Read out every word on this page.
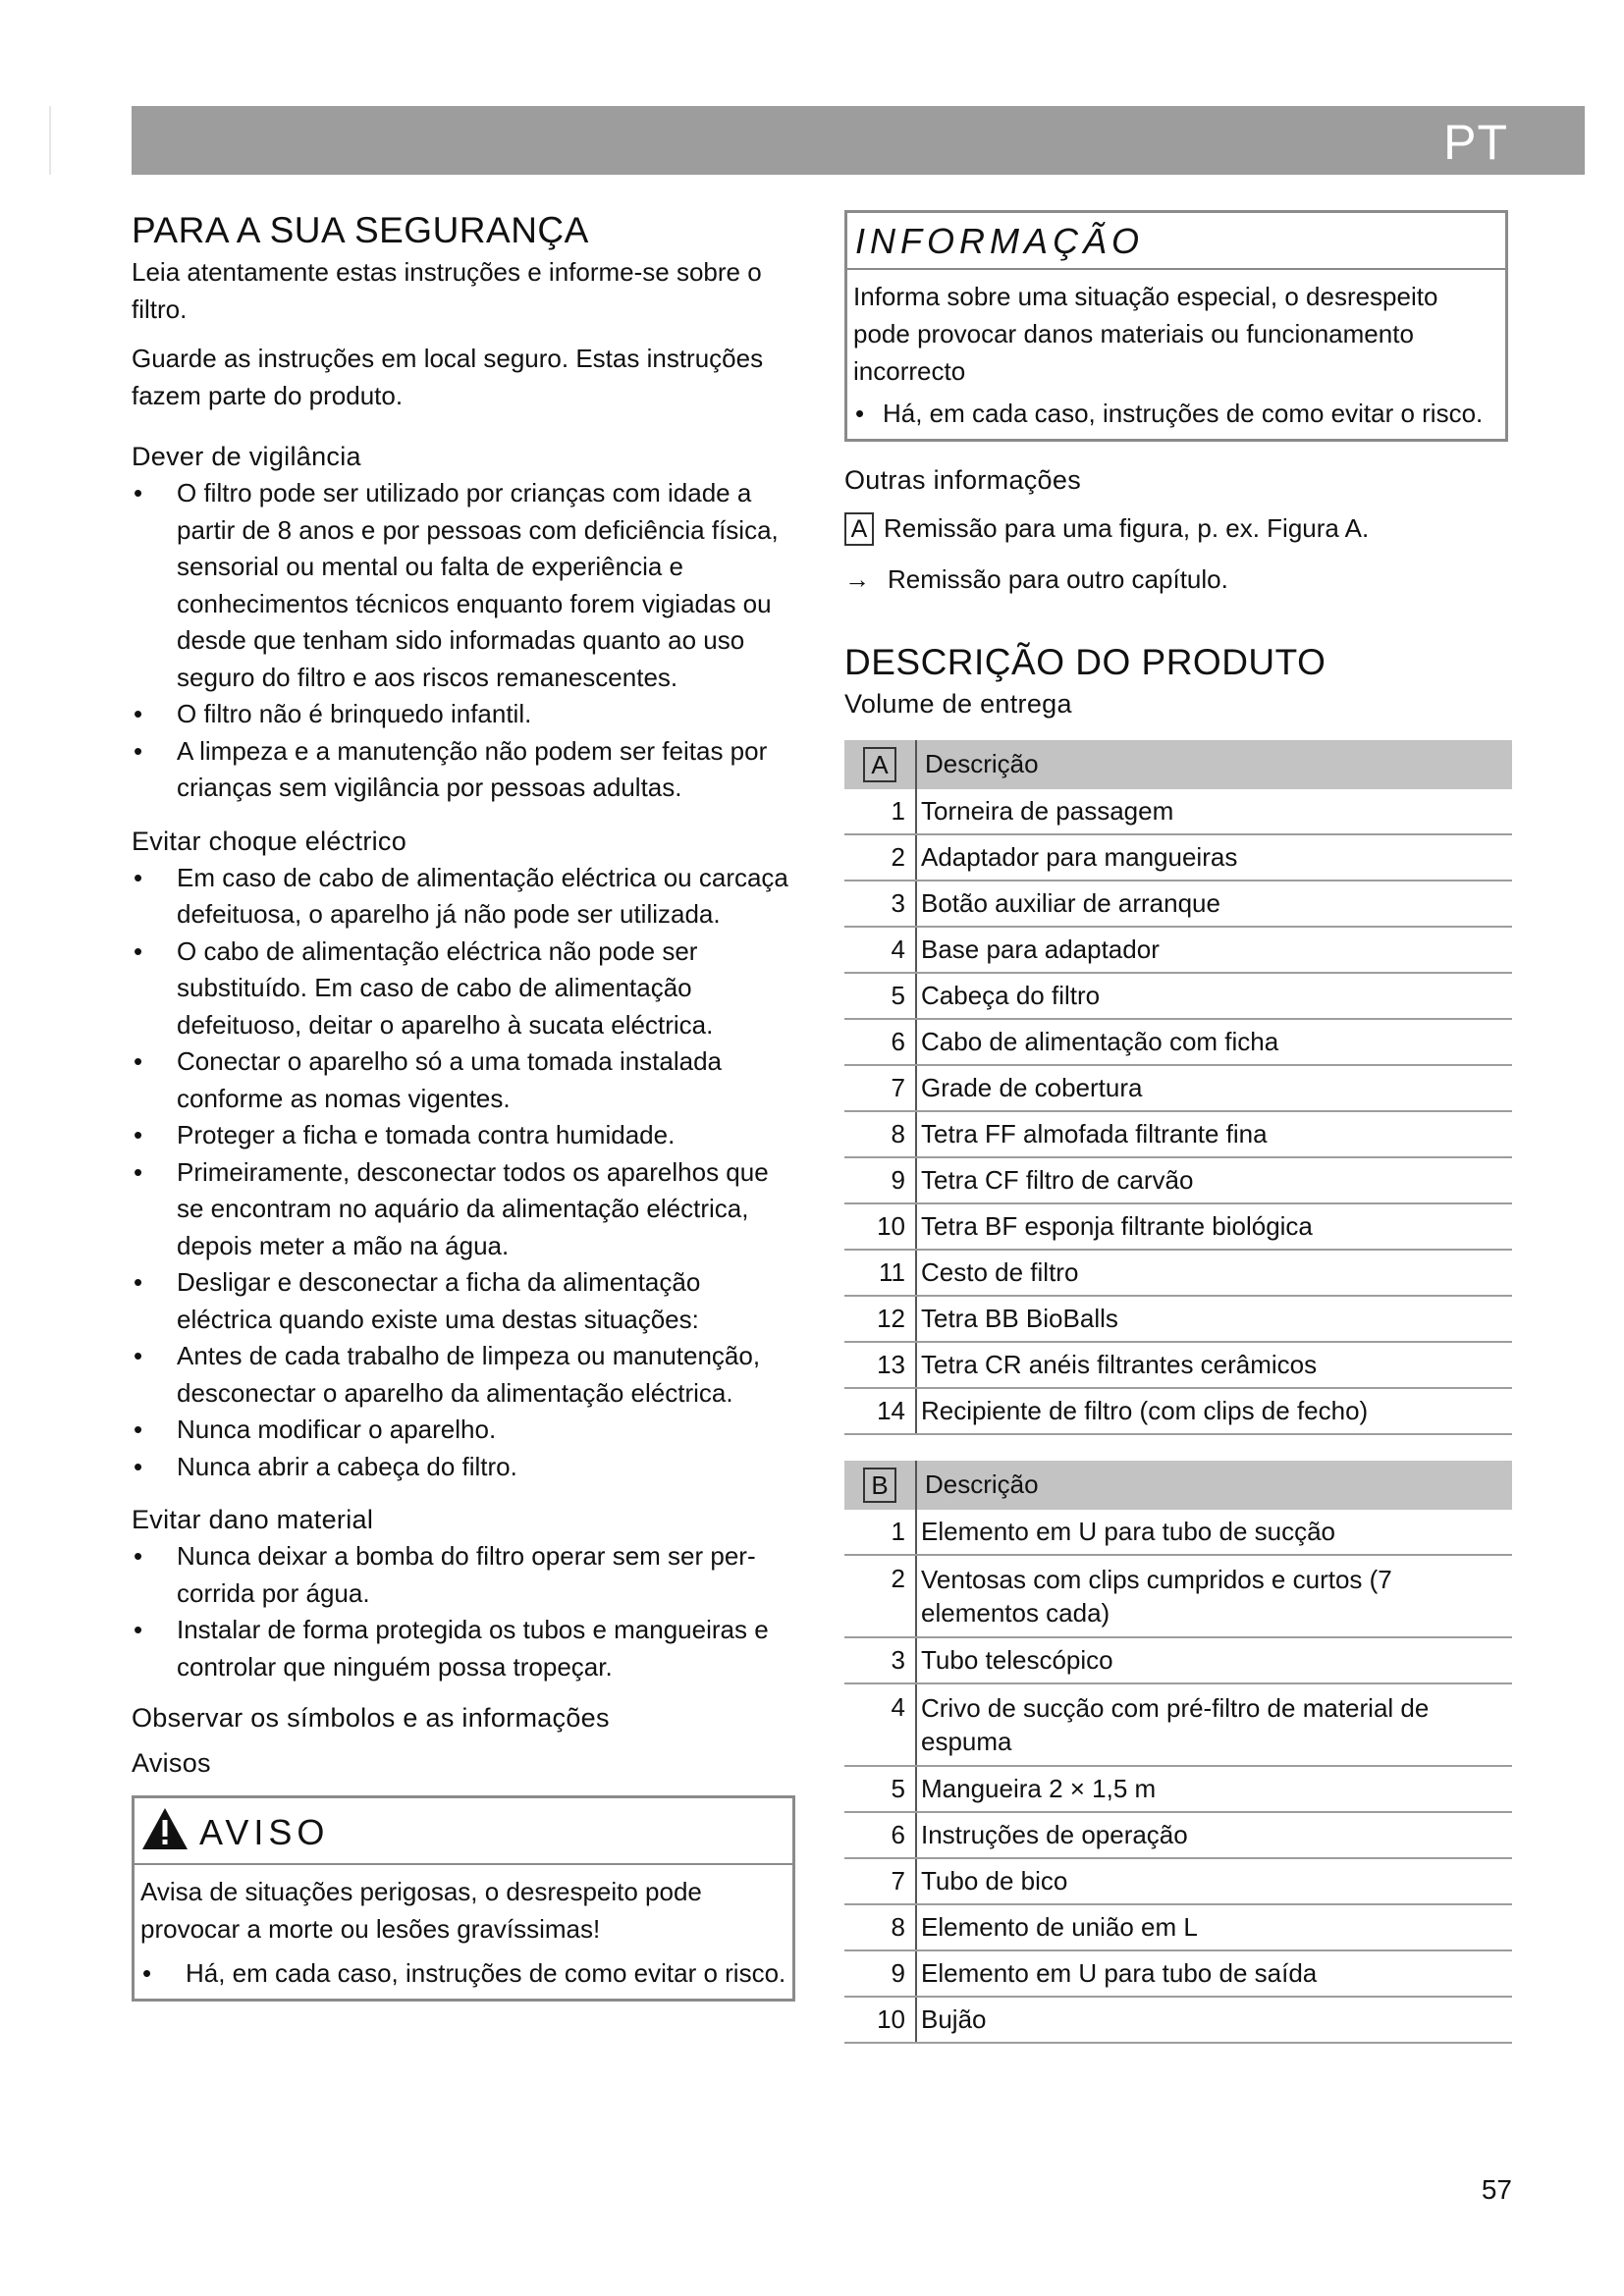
PT
PARA A SUA SEGURANÇA

Leia atentamente estas instruções e informe-se sobre o filtro.

Guarde as instruções em local seguro. Estas instruções fazem parte do produto.

Dever de vigilância

• O filtro pode ser utilizado por crianças com idade a partir de 8 anos e por pessoas com deficiência física, sensorial ou mental ou falta de experiência e conhecimentos técnicos enquanto forem vigiadas ou desde que tenham sido informadas quanto ao uso seguro do filtro e aos riscos remanescentes.
• O filtro não é brinquedo infantil.
• A limpeza e a manutenção não podem ser feitas por crianças sem vigilância por pessoas adultas.

Evitar choque eléctrico

• Em caso de cabo de alimentação eléctrica ou carcaça defeituosa, o aparelho já não pode ser utilizada.
• O cabo de alimentação eléctrica não pode ser substituído. Em caso de cabo de alimentação defeituoso, deitar o aparelho à sucata eléctrica.
• Conectar o aparelho só a uma tomada instalada conforme as nomas vigentes.
• Proteger a ficha e tomada contra humidade.
• Primeiramente, desconectar todos os aparelhos que se encontram no aquário da alimentação eléctrica, depois meter a mão na água.
• Desligar e desconectar a ficha da alimentação eléctrica quando existe uma destas situações:
• Antes de cada trabalho de limpeza ou manutenção, desconectar o aparelho da alimentação eléctrica.
• Nunca modificar o aparelho.
• Nunca abrir a cabeça do filtro.

Evitar dano material

• Nunca deixar a bomba do filtro operar sem ser per-corrida por água.
• Instalar de forma protegida os tubos e mangueiras e controlar que ninguém possa tropeçar.

Observar os símbolos e as informações

Avisos

AVISO

Avisa de situações perigosas, o desrespeito pode provocar a morte ou lesões gravíssimas!

• Há, em cada caso, instruções de como evitar o risco.
INFORMAÇÃO

Informa sobre uma situação especial, o desrespeito pode provocar danos materiais ou funcionamento incorrecto

• Há, em cada caso, instruções de como evitar o risco.

Outras informações

A Remissão para uma figura, p. ex. Figura A.
→ Remissão para outro capítulo.
DESCRIÇÃO DO PRODUTO

Volume de entrega

A	Descrição
1	Torneira de passagem
2	Adaptador para mangueiras
3	Botão auxiliar de arranque
4	Base para adaptador
5	Cabeça do filtro
6	Cabo de alimentação com ficha
7	Grade de cobertura
8	Tetra FF almofada filtrante fina
9	Tetra CF filtro de carvão
10	Tetra BF esponja filtrante biológica
11	Cesto de filtro
12	Tetra BB BioBalls
13	Tetra CR anéis filtrantes cerâmicos
14	Recipiente de filtro (com clips de fecho)
B	Descrição
1	Elemento em U para tubo de sucção
2	Ventosas com clips cumpridos e curtos (7 elementos cada)
3	Tubo telescópico
4	Crivo de sucção com pré-filtro de material de espuma
5	Mangueira 2 × 1,5 m
6	Instruções de operação
7	Tubo de bico
8	Elemento de união em L
9	Elemento em U para tubo de saída
10	Bujão
57
